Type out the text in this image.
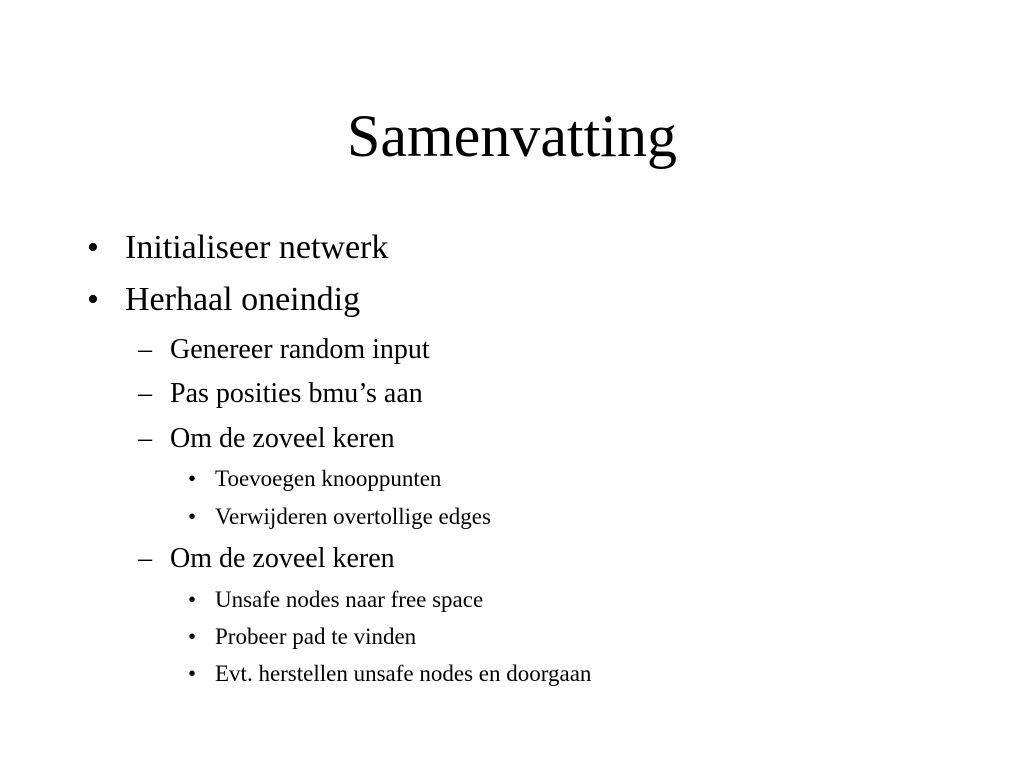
Samenvatting
• Initialiseer netwerk
• Herhaal oneindig
– Genereer random input
– Pas posities bmu’s aan
– Om de zoveel keren
• Toevoegen knooppunten
• Verwijderen overtollige edges
– Om de zoveel keren
• Unsafe nodes naar free space
• Probeer pad te vinden
• Evt. herstellen unsafe nodes en doorgaan
